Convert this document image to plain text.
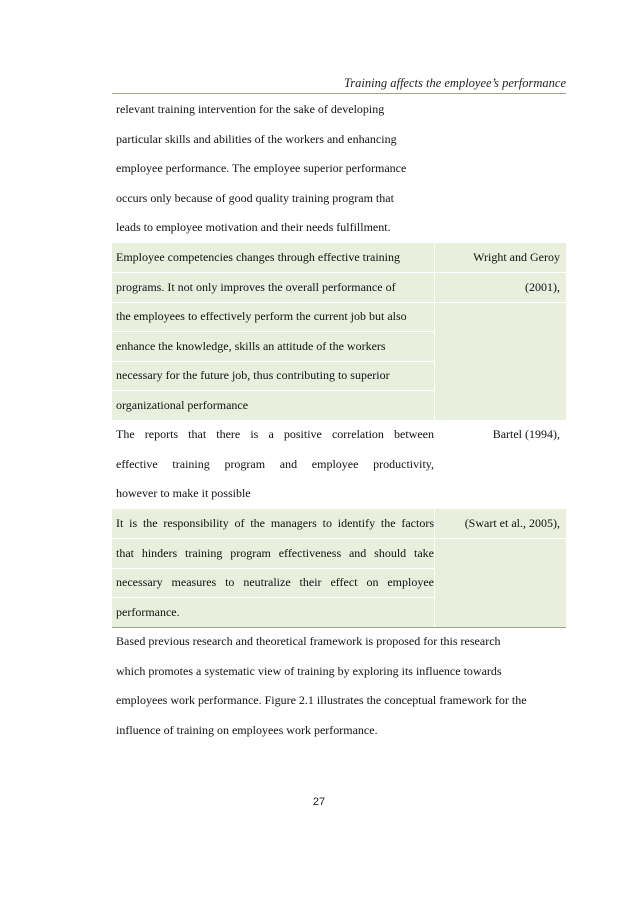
Training affects the employee’s performance
relevant training intervention for the sake of developing
particular skills and abilities of the workers and enhancing
employee performance. The employee superior performance
occurs only because of good quality training program that
leads to employee motivation and their needs fulfillment.
Employee competencies changes through effective training
programs. It not only improves the overall performance of
the employees to effectively perform the current job but also
enhance the knowledge, skills an attitude of the workers
necessary for the future job, thus contributing to superior
organizational performance
Wright and Geroy
(2001),
The reports that there is a positive correlation between
effective training program and employee productivity,
however to make it possible
Bartel (1994),
It is the responsibility of the managers to identify the factors
that hinders training program effectiveness and should take
necessary measures to neutralize their effect on employee
performance.
(Swart et al., 2005),
Based previous research and theoretical framework is proposed for this research
which promotes a systematic view of training by exploring its influence towards
employees work performance. Figure 2.1 illustrates the conceptual framework for the
influence of training on employees work performance.
27
